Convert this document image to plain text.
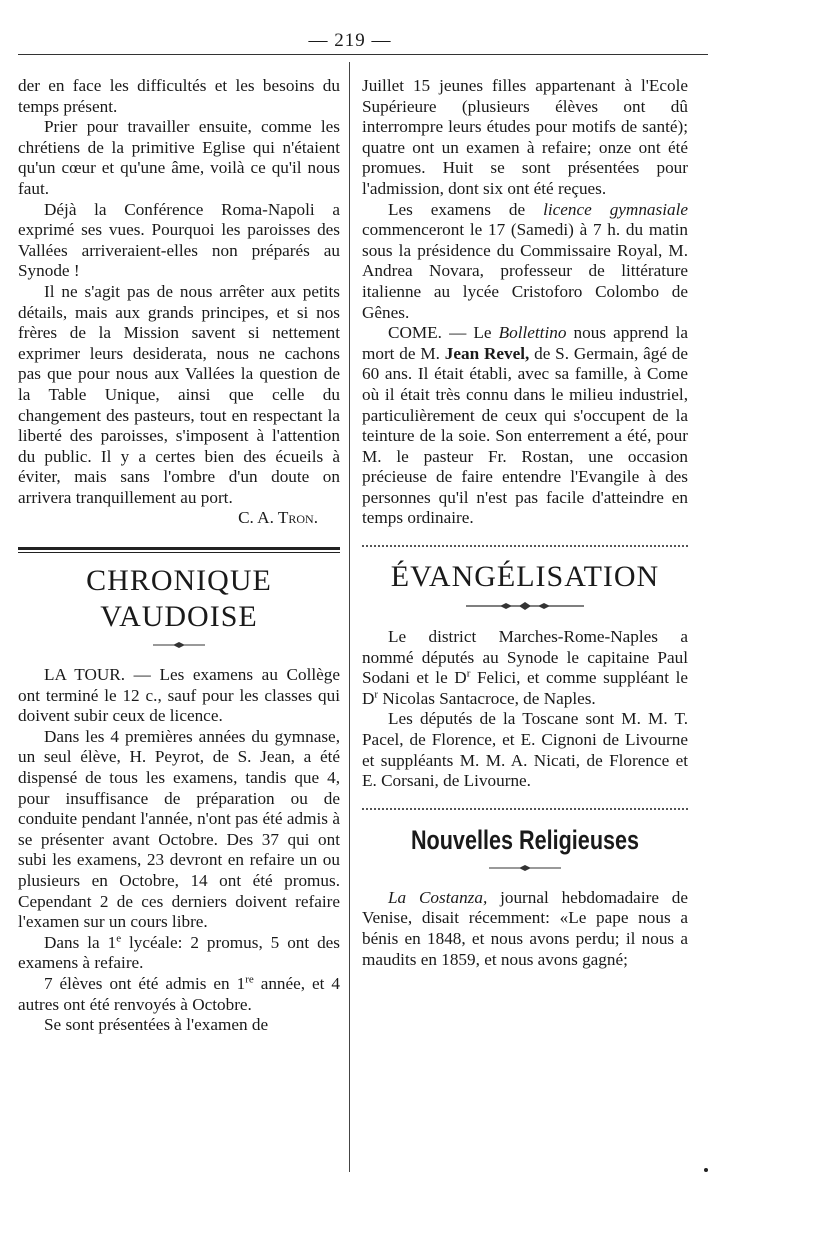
— 219 —

der en face les difficultés et les besoins du temps présent.

Prier pour travailler ensuite, comme les chrétiens de la primitive Eglise qui n'étaient qu'un cœur et qu'une âme, voilà ce qu'il nous faut.

Déjà la Conférence Roma-Napoli a exprimé ses vues. Pourquoi les paroisses des Vallées arriveraient-elles non préparés au Synode !

Il ne s'agit pas de nous arrêter aux petits détails, mais aux grands principes, et si nos frères de la Mission savent si nettement exprimer leurs desiderata, nous ne cachons pas que pour nous aux Vallées la question de la Table Unique, ainsi que celle du changement des pasteurs, tout en respectant la liberté des paroisses, s'imposent à l'attention du public. Il y a certes bien des écueils à éviter, mais sans l'ombre d'un doute on arrivera tranquillement au port.

C. A. Tron.

CHRONIQUE VAUDOISE

LA TOUR. — Les examens au Collège ont terminé le 12 c., sauf pour les classes qui doivent subir ceux de licence.

Dans les 4 premières années du gymnase, un seul élève, H. Peyrot, de S. Jean, a été dispensé de tous les examens, tandis que 4, pour insuffisance de préparation ou de conduite pendant l'année, n'ont pas été admis à se présenter avant Octobre. Des 37 qui ont subi les examens, 23 devront en refaire un ou plusieurs en Octobre, 14 ont été promus. Cependant 2 de ces derniers doivent refaire l'examen sur un cours libre.

Dans la 1e lycéale: 2 promus, 5 ont des examens à refaire.

7 élèves ont été admis en 1re année, et 4 autres ont été renvoyés à Octobre.

Se sont présentées à l'examen de

Juillet 15 jeunes filles appartenant à l'Ecole Supérieure (plusieurs élèves ont dû interrompre leurs études pour motifs de santé); quatre ont un examen à refaire; onze ont été promues. Huit se sont présentées pour l'admission, dont six ont été reçues.

Les examens de licence gymnasiale commenceront le 17 (Samedi) à 7 h. du matin sous la présidence du Commissaire Royal, M. Andrea Novara, professeur de littérature italienne au lycée Cristoforo Colombo de Gênes.

COME. — Le Bollettino nous apprend la mort de M. Jean Revel, de S. Germain, âgé de 60 ans. Il était établi, avec sa famille, à Come où il était très connu dans le milieu industriel, particulièrement de ceux qui s'occupent de la teinture de la soie. Son enterrement a été, pour M. le pasteur Fr. Rostan, une occasion précieuse de faire entendre l'Evangile à des personnes qu'il n'est pas facile d'atteindre en temps ordinaire.

ÉVANGÉLISATION

Le district Marches-Rome-Naples a nommé députés au Synode le capitaine Paul Sodani et le $D^r$ Felici, et comme suppléant le $D^r$ Nicolas Santacroce, de Naples.

Les députés de la Toscane sont M. M. T. Pacel, de Florence, et E. Cignoni de Livourne et suppléants M. M. A. Nicati, de Florence et E. Corsani, de Livourne.

Nouvelles Religieuses

La Costanza, journal hebdomadaire de Venise, disait récemment: «Le pape nous a bénis en 1848, et nous avons perdu; il nous a maudits en 1859, et nous avons gagné;
